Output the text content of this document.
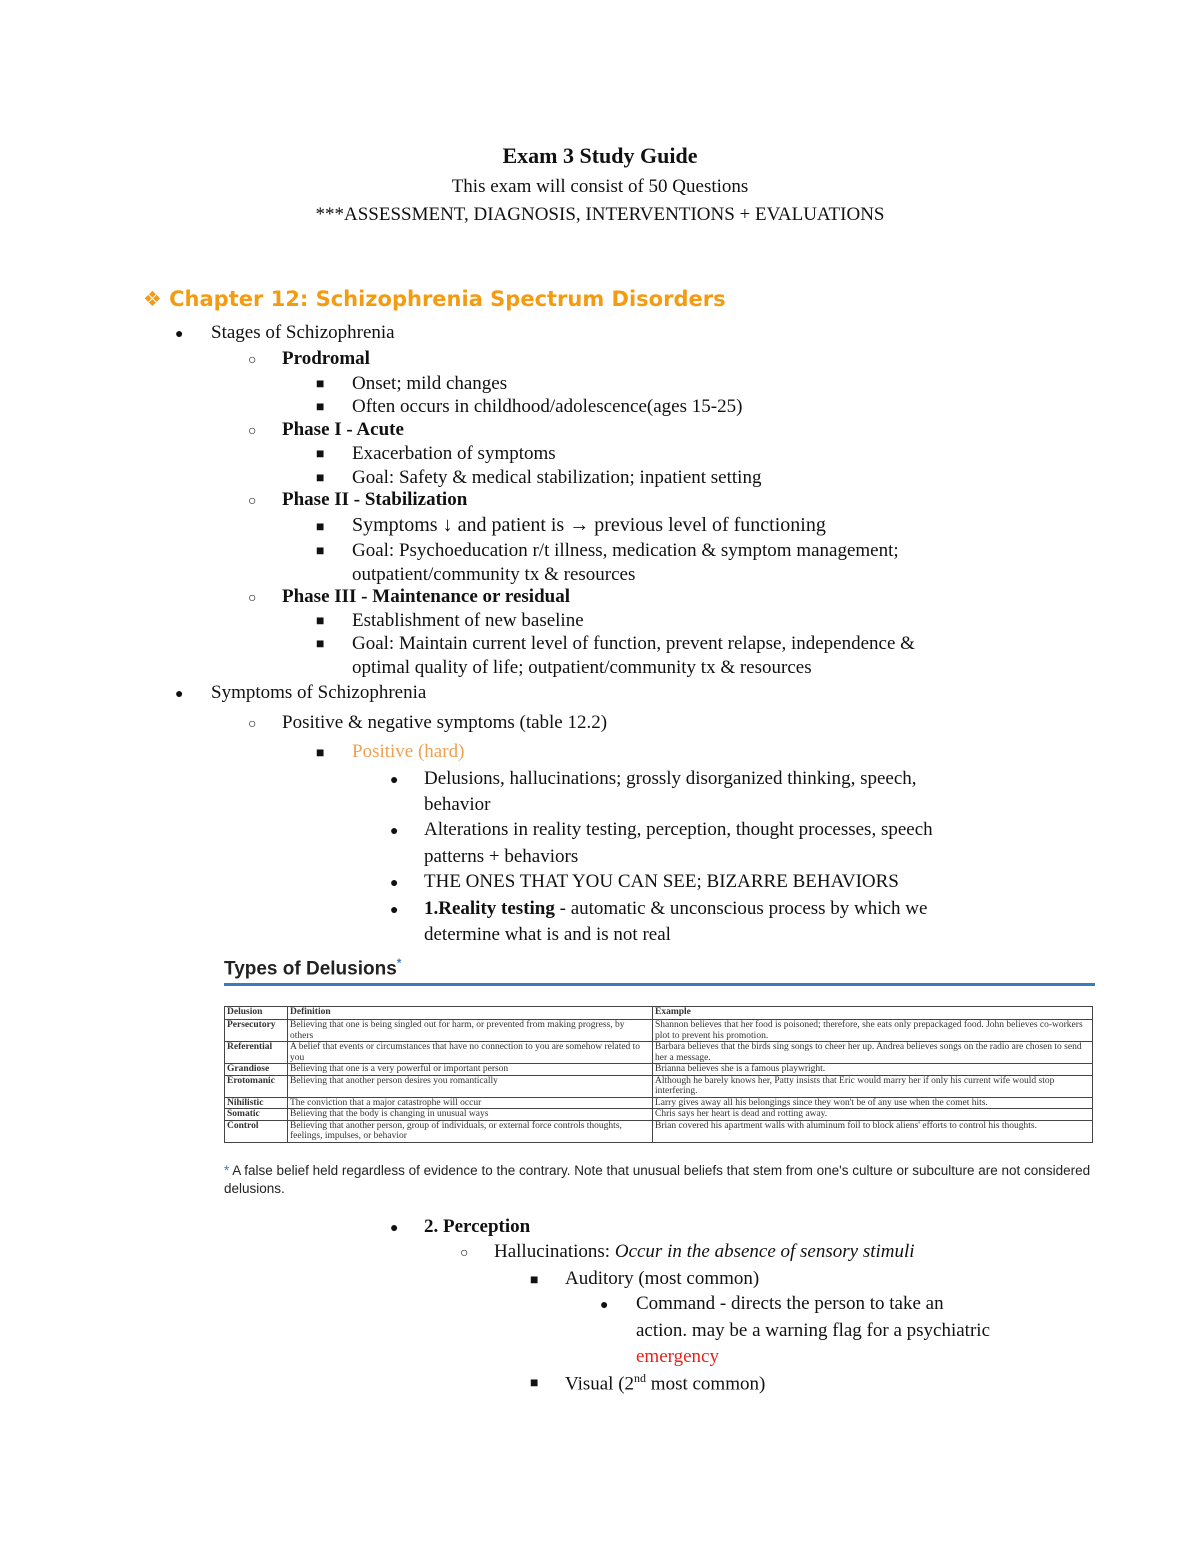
Exam 3 Study Guide
This exam will consist of 50 Questions
***ASSESSMENT, DIAGNOSIS, INTERVENTIONS + EVALUATIONS
❖ Chapter 12: Schizophrenia Spectrum Disorders
● Stages of Schizophrenia
○ Prodromal
■ Onset; mild changes
■ Often occurs in childhood/adolescence(ages 15-25)
○ Phase I - Acute
■ Exacerbation of symptoms
■ Goal: Safety & medical stabilization; inpatient setting
○ Phase II - Stabilization
■ Symptoms ↓ and patient is → previous level of functioning
■ Goal: Psychoeducation r/t illness, medication & symptom management;
outpatient/community tx & resources
○ Phase III - Maintenance or residual
■ Establishment of new baseline
■ Goal: Maintain current level of function, prevent relapse, independence &
optimal quality of life; outpatient/community tx & resources
● Symptoms of Schizophrenia
○ Positive & negative symptoms (table 12.2)
■ Positive (hard)
● Delusions, hallucinations; grossly disorganized thinking, speech,
behavior
● Alterations in reality testing, perception, thought processes, speech
patterns + behaviors
● THE ONES THAT YOU CAN SEE; BIZARRE BEHAVIORS
● 1.Reality testing - automatic & unconscious process by which we
determine what is and is not real
Types of Delusions*
Delusion	Definition	Example
Persecutory	Believing that one is being singled out for harm, or prevented from making progress, by others	Shannon believes that her food is poisoned; therefore, she eats only prepackaged food. John believes co-workers plot to prevent his promotion.
Referential	A belief that events or circumstances that have no connection to you are somehow related to you	Barbara believes that the birds sing songs to cheer her up. Andrea believes songs on the radio are chosen to send her a message.
Grandiose	Believing that one is a very powerful or important person	Brianna believes she is a famous playwright.
Erotomanic	Believing that another person desires you romantically	Although he barely knows her, Patty insists that Eric would marry her if only his current wife would stop interfering.
Nihilistic	The conviction that a major catastrophe will occur	Larry gives away all his belongings since they won't be of any use when the comet hits.
Somatic	Believing that the body is changing in unusual ways	Chris says her heart is dead and rotting away.
Control	Believing that another person, group of individuals, or external force controls thoughts, feelings, impulses, or behavior	Brian covered his apartment walls with aluminum foil to block aliens' efforts to control his thoughts.
* A false belief held regardless of evidence to the contrary. Note that unusual beliefs that stem from one's culture or subculture are not considered delusions.
● 2. Perception
○ Hallucinations: Occur in the absence of sensory stimuli
■ Auditory (most common)
● Command - directs the person to take an
action. may be a warning flag for a psychiatric
emergency
■ Visual (2nd most common)
